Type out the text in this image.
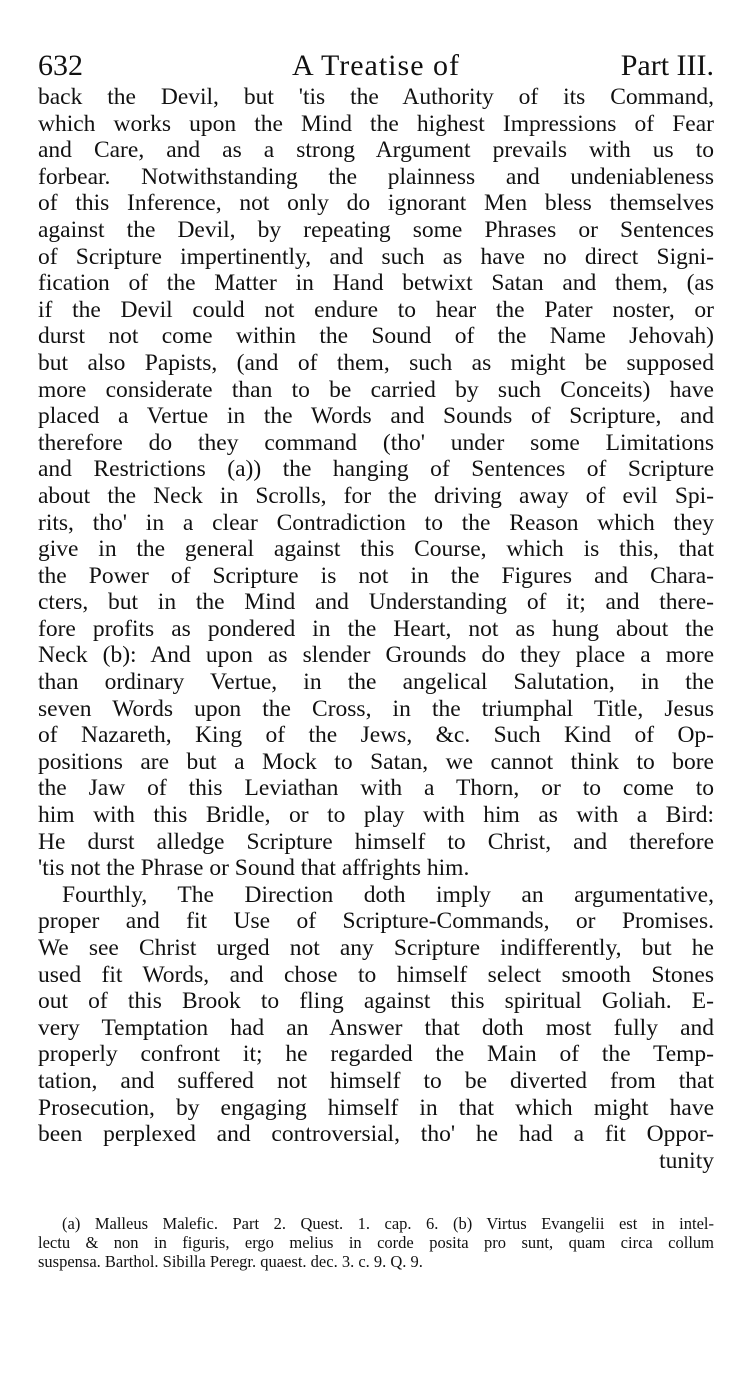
632	A Treatise of	Part III.
back the Devil, but 'tis the Authority of its Command,
which works upon the Mind the highest Impressions of Fear
and Care, and as a strong Argument prevails with us to
forbear. Notwithstanding the plainness and undeniableness
of this Inference, not only do ignorant Men bless themselves
against the Devil, by repeating some Phrases or Sentences
of Scripture impertinently, and such as have no direct Signi-
fication of the Matter in Hand betwixt Satan and them, (as
if the Devil could not endure to hear the Pater noster, or
durst not come within the Sound of the Name Jehovah)
but also Papists, (and of them, such as might be supposed
more considerate than to be carried by such Conceits) have
placed a Vertue in the Words and Sounds of Scripture, and
therefore do they command (tho' under some Limitations
and Restrictions (a)) the hanging of Sentences of Scripture
about the Neck in Scrolls, for the driving away of evil Spi-
rits, tho' in a clear Contradiction to the Reason which they
give in the general against this Course, which is this, that
the Power of Scripture is not in the Figures and Chara-
cters, but in the Mind and Understanding of it; and there-
fore profits as pondered in the Heart, not as hung about the
Neck (b): And upon as slender Grounds do they place a more
than ordinary Vertue, in the angelical Salutation, in the
seven Words upon the Cross, in the triumphal Title, Jesus
of Nazareth, King of the Jews, &c. Such Kind of Op-
positions are but a Mock to Satan, we cannot think to bore
the Jaw of this Leviathan with a Thorn, or to come to
him with this Bridle, or to play with him as with a Bird:
He durst alledge Scripture himself to Christ, and therefore
'tis not the Phrase or Sound that affrights him.
Fourthly, The Direction doth imply an argumentative,
proper and fit Use of Scripture-Commands, or Promises.
We see Christ urged not any Scripture indifferently, but he
used fit Words, and chose to himself select smooth Stones
out of this Brook to fling against this spiritual Goliah. E-
very Temptation had an Answer that doth most fully and
properly confront it; he regarded the Main of the Temp-
tation, and suffered not himself to be diverted from that
Prosecution, by engaging himself in that which might have
been perplexed and controversial, tho' he had a fit Oppor-
tunity
(a) Malleus Malefic. Part 2. Quest. 1. cap. 6. (b) Virtus Evangelii est in intel-
lectu & non in figuris, ergo melius in corde posita pro sunt, quam circa collum
suspensa. Barthol. Sibilla Peregr. quaest. dec. 3. c. 9. Q. 9.
